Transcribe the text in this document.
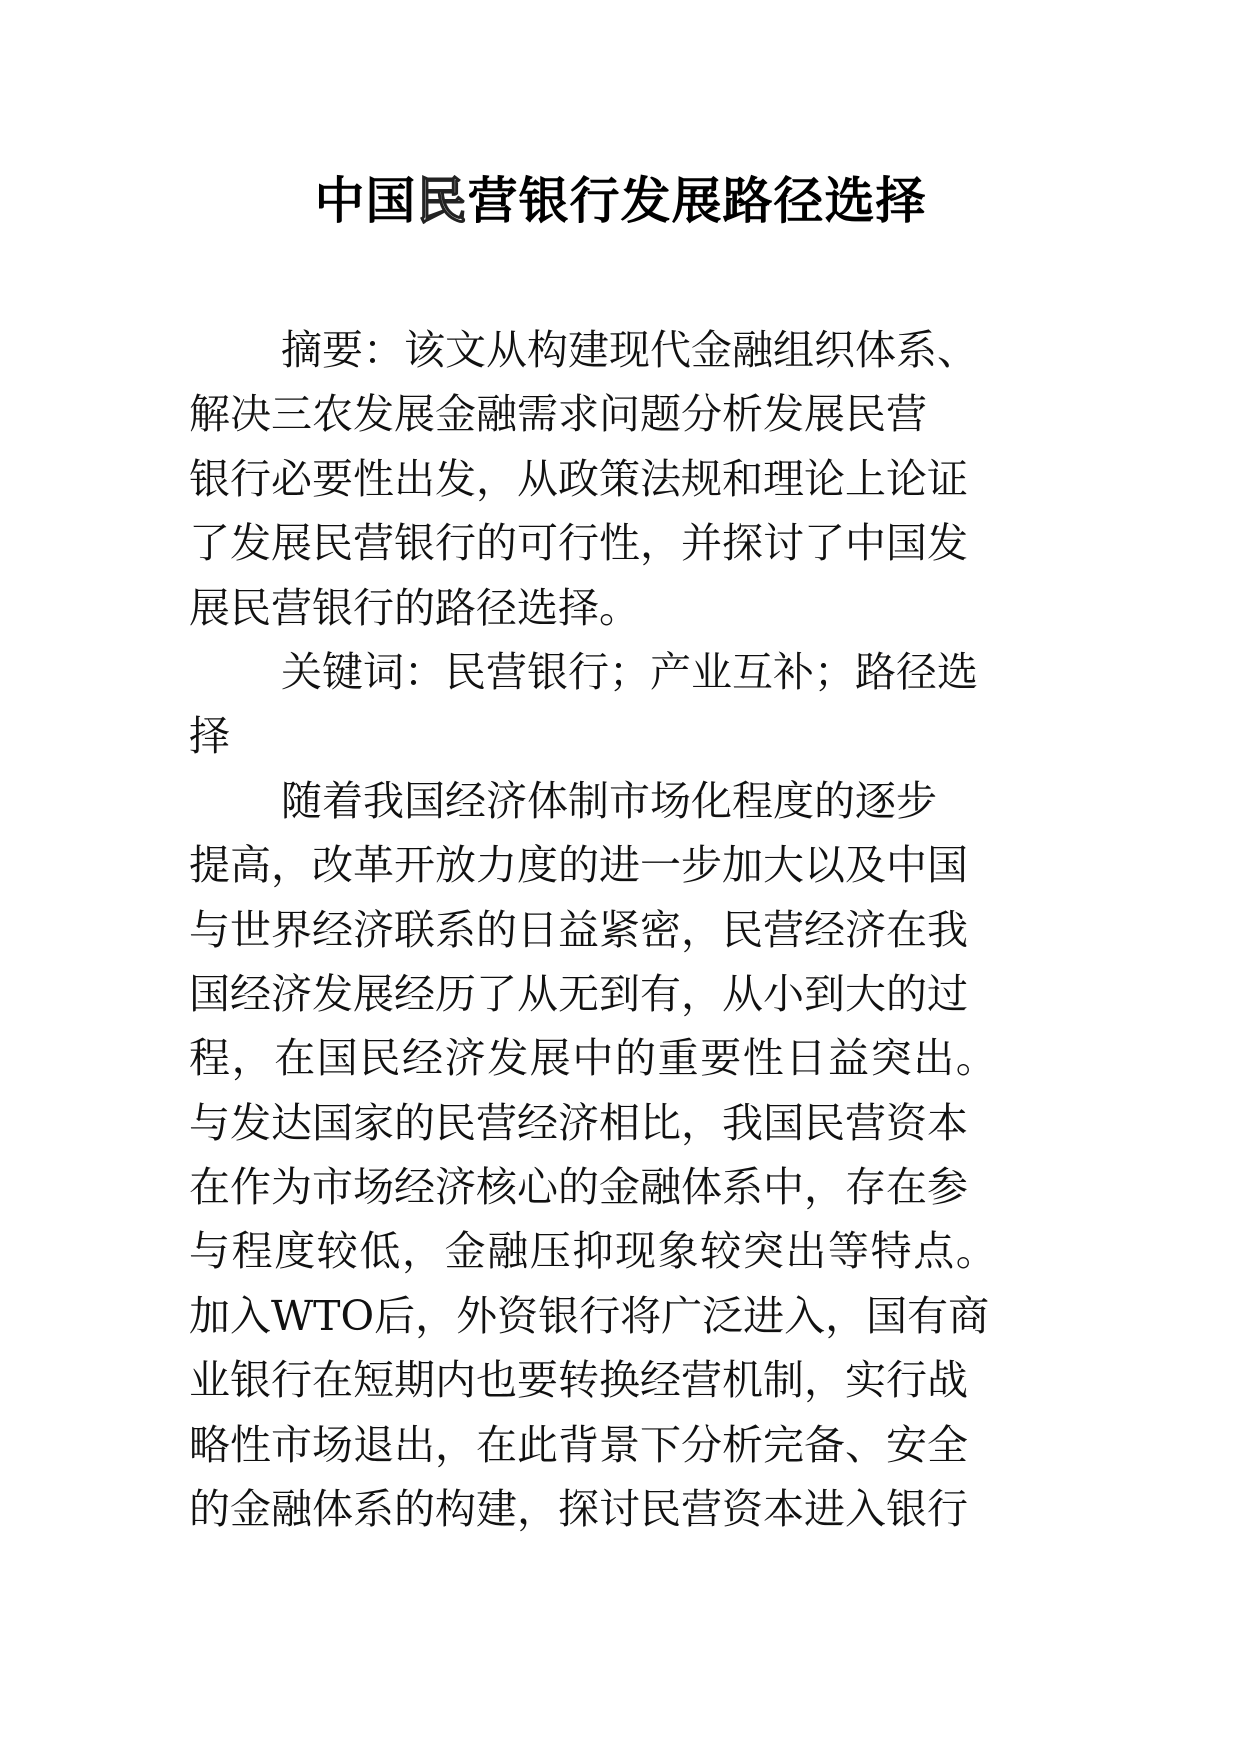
中国民营银行发展路径选择
摘要：该文从构建现代金融组织体系、
解决三农发展金融需求问题分析发展民营
银行必要性出发，从政策法规和理论上论证
了发展民营银行的可行性，并探讨了中国发
展民营银行的路径选择。
关键词：民营银行；产业互补；路径选
择
随着我国经济体制市场化程度的逐步
提高，改革开放力度的进一步加大以及中国
与世界经济联系的日益紧密，民营经济在我
国经济发展经历了从无到有，从小到大的过
程，在国民经济发展中的重要性日益突出。
与发达国家的民营经济相比，我国民营资本
在作为市场经济核心的金融体系中，存在参
与程度较低，金融压抑现象较突出等特点。
加入WTO后，外资银行将广泛进入，国有商
业银行在短期内也要转换经营机制，实行战
略性市场退出，在此背景下分析完备、安全
的金融体系的构建，探讨民营资本进入银行
